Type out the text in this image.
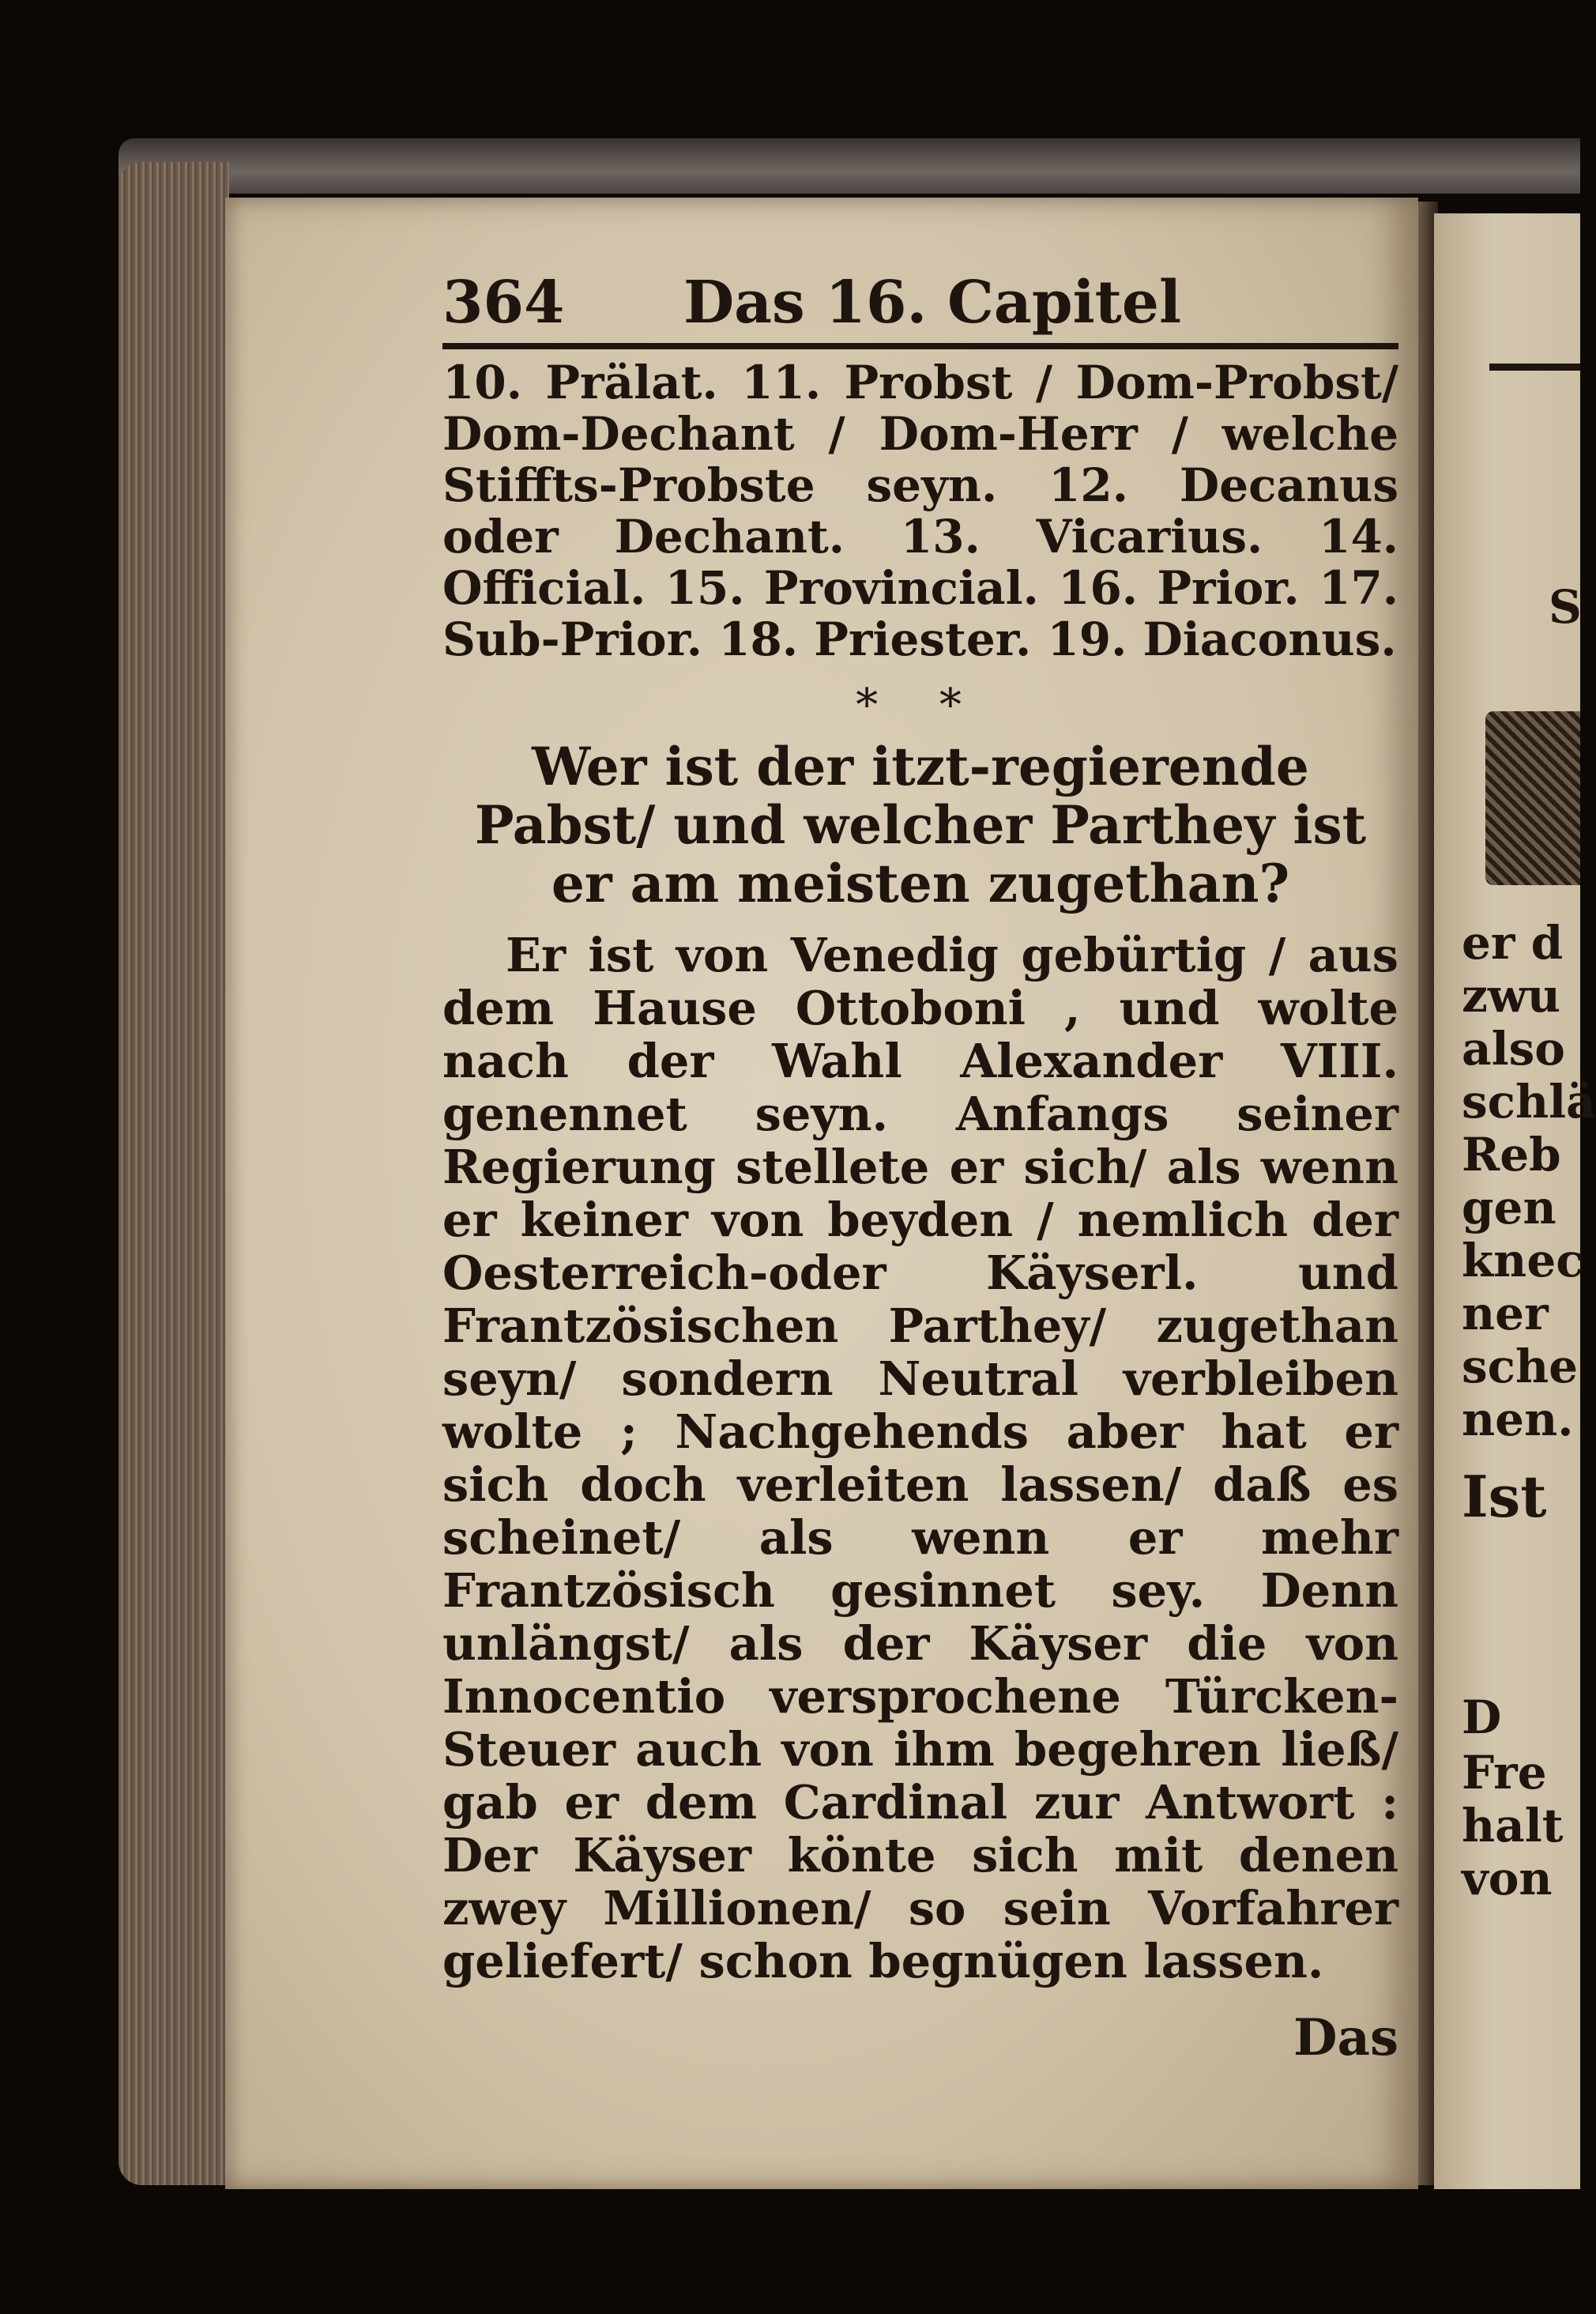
364	Das 16. Capitel

10. Prälat. 11. Probst / Dom-Probst/ Dom-Dechant / Dom-Herr / welche Stiffts-Probste seyn. 12. Decanus oder Dechant. 13. Vicarius. 14. Official. 15. Provincial. 16. Prior. 17. Sub-Prior. 18. Priester. 19. Diaconus.

* *

Wer ist der itzt-regierende Pabst/ und welcher Parthey ist er am meisten zugethan?

Er ist von Venedig gebürtig / aus dem Hause Ottoboni , und wolte nach der Wahl Alexander VIII. genennet seyn. Anfangs seiner Regierung stellete er sich/ als wenn er keiner von beyden / nemlich der Oesterreich-oder Käyserl. und Frantzösischen Parthey/ zugethan seyn/ sondern Neutral verbleiben wolte ; Nachgehends aber hat er sich doch verleiten lassen/ daß es scheinet/ als wenn er mehr Frantzösisch gesinnet sey. Denn unlängst/ als der Käyser die von Innocentio versprochene Türcken-Steuer auch von ihm begehren ließ/ gab er dem Cardinal zur Antwort : Der Käyser könte sich mit denen zwey Millionen/ so sein Vorfahrer geliefert/ schon begnügen lassen.

Das
S
er d
zwu
also
schlä
Reb
gen
knec
ner
sche
nen.
Ist
D
Fre
halt
von
